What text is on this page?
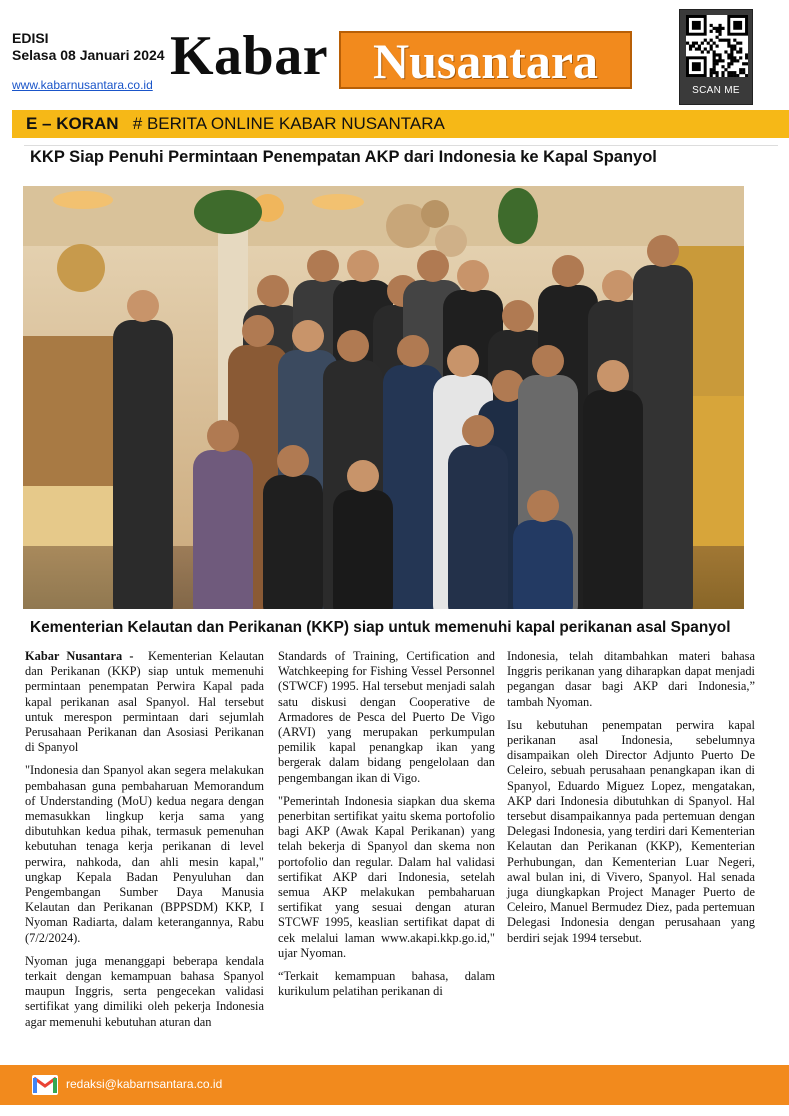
EDISI
Selasa 08 Januari 2024
www.kabarnusantara.co.id Kabar Nusantara
SCAN ME
E – KORAN # BERITA ONLINE KABAR NUSANTARA
KKP Siap Penuhi Permintaan Penempatan AKP dari Indonesia ke Kapal Spanyol
Kementerian Kelautan dan Perikanan (KKP) siap untuk memenuhi kapal perikanan asal Spanyol

Kabar Nusantara - Kementerian Kelautan dan Perikanan (KKP) siap untuk memenuhi permintaan penempatan Perwira Kapal pada kapal perikanan asal Spanyol. Hal tersebut untuk merespon permintaan dari sejumlah Perusahaan Perikanan dan Asosiasi Perikanan di Spanyol

"Indonesia dan Spanyol akan segera melakukan pembahasan guna pembaharuan Memorandum of Understanding (MoU) kedua negara dengan memasukkan lingkup kerja sama yang dibutuhkan kedua pihak, termasuk pemenuhan kebutuhan tenaga kerja perikanan di level perwira, nahkoda, dan ahli mesin kapal," ungkap Kepala Badan Penyuluhan dan Pengembangan Sumber Daya Manusia Kelautan dan Perikanan (BPPSDM) KKP, I Nyoman Radiarta, dalam keterangannya, Rabu (7/2/2024).

Nyoman juga menanggapi beberapa kendala terkait dengan kemampuan bahasa Spanyol maupun Inggris, serta pengecekan validasi sertifikat yang dimiliki oleh pekerja Indonesia agar memenuhi kebutuhan aturan dan

Standards of Training, Certification and Watchkeeping for Fishing Vessel Personnel (STWCF) 1995. Hal tersebut menjadi salah satu diskusi dengan Cooperative de Armadores de Pesca del Puerto De Vigo (ARVI) yang merupakan perkumpulan pemilik kapal penangkap ikan yang bergerak dalam bidang pengelolaan dan pengembangan ikan di Vigo.

"Pemerintah Indonesia siapkan dua skema penerbitan sertifikat yaitu skema portofolio bagi AKP (Awak Kapal Perikanan) yang telah bekerja di Spanyol dan skema non portofolio dan regular. Dalam hal validasi sertifikat AKP dari Indonesia, setelah semua AKP melakukan pembaharuan sertifikat yang sesuai dengan aturan STCWF 1995, keaslian sertifikat dapat di cek melalui laman www.akapi.kkp.go.id," ujar Nyoman.

“Terkait kemampuan bahasa, dalam kurikulum pelatihan perikanan di

Indonesia, telah ditambahkan materi bahasa Inggris perikanan yang diharapkan dapat menjadi pegangan dasar bagi AKP dari Indonesia,” tambah Nyoman.

Isu kebutuhan penempatan perwira kapal perikanan asal Indonesia, sebelumnya disampaikan oleh Director Adjunto Puerto De Celeiro, sebuah perusahaan penangkapan ikan di Spanyol, Eduardo Miguez Lopez, mengatakan, AKP dari Indonesia dibutuhkan di Spanyol. Hal tersebut disampaikannya pada pertemuan dengan Delegasi Indonesia, yang terdiri dari Kementerian Kelautan dan Perikanan (KKP), Kementerian Perhubungan, dan Kementerian Luar Negeri, awal bulan ini, di Vivero, Spanyol. Hal senada juga diungkapkan Project Manager Puerto de Celeiro, Manuel Bermudez Diez, pada pertemuan Delegasi Indonesia dengan perusahaan yang berdiri sejak 1994 tersebut.

redaksi@kabarnsantara.co.id
